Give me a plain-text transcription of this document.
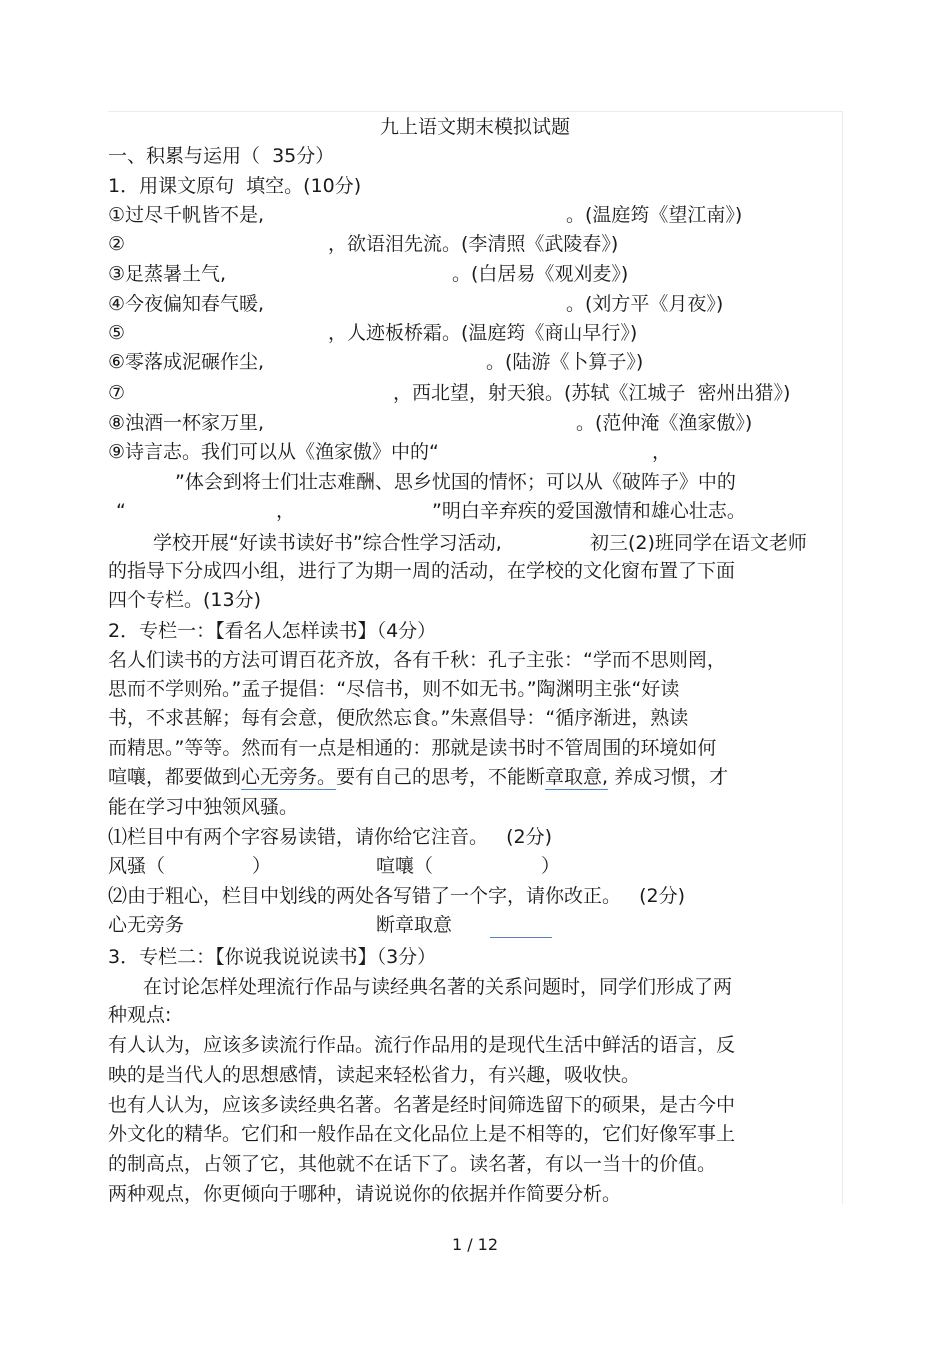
九上语文期末模拟试题
一、积累与运用（  35分）
1．用课文原句  填空。(10分)
①过尽千帆皆不是,	。(温庭筠《望江南》)
②	，欲语泪先流。(李清照《武陵春》)
③足蒸暑土气,	。(白居易《观刈麦》)
④今夜偏知春气暖,	。(刘方平《月夜》)
⑤	，人迹板桥霜。(温庭筠《商山早行》)
⑥零落成泥碾作尘,	。(陆游《卜算子》)
⑦	，西北望，射天狼。(苏轼《江城子  密州出猎》)
⑧浊酒一杯家万里,	。(范仲淹《渔家傲》)
⑨诗言志。我们可以从《渔家傲》中的“	，
”体会到将士们壮志难酬、思乡忧国的情怀；可以从《破阵子》中的
“	，	”明白辛弃疾的爱国激情和雄心壮志。
学校开展“好读书读好书”综合性学习活动,	初三(2)班同学在语文老师
的指导下分成四小组，进行了为期一周的活动，在学校的文化窗布置了下面
四个专栏。(13分)
2．专栏一：【看名人怎样读书】（4分）
名人们读书的方法可谓百花齐放，各有千秋：孔子主张：“学而不思则罔，
思而不学则殆。”孟子提倡：“尽信书，则不如无书。”陶渊明主张“好读
书，不求甚解；每有会意，便欣然忘食。”朱熹倡导：“循序渐进，熟读
而精思。”等等。然而有一点是相通的：那就是读书时不管周围的环境如何
喧嚷，都要做到心无旁务。要有自己的思考，不能断章取意, 养成习惯，才
能在学习中独领风骚。
⑴栏目中有两个字容易读错，请你给它注音。   (2分)
风骚（	）	喧嚷（	）
⑵由于粗心，栏目中划线的两处各写错了一个字，请你改正。   (2分)
心无旁务	断章取意
3．专栏二：【你说我说说读书】（3分）
在讨论怎样处理流行作品与读经典名著的关系问题时，同学们形成了两
种观点:
有人认为，应该多读流行作品。流行作品用的是现代生活中鲜活的语言，反
映的是当代人的思想感情，读起来轻松省力，有兴趣，吸收快。
也有人认为，应该多读经典名著。名著是经时间筛选留下的硕果，是古今中
外文化的精华。它们和一般作品在文化品位上是不相等的，它们好像军事上
的制高点，占领了它，其他就不在话下了。读名著，有以一当十的价值。
两种观点，你更倾向于哪种，请说说你的依据并作简要分析。
1 / 12
